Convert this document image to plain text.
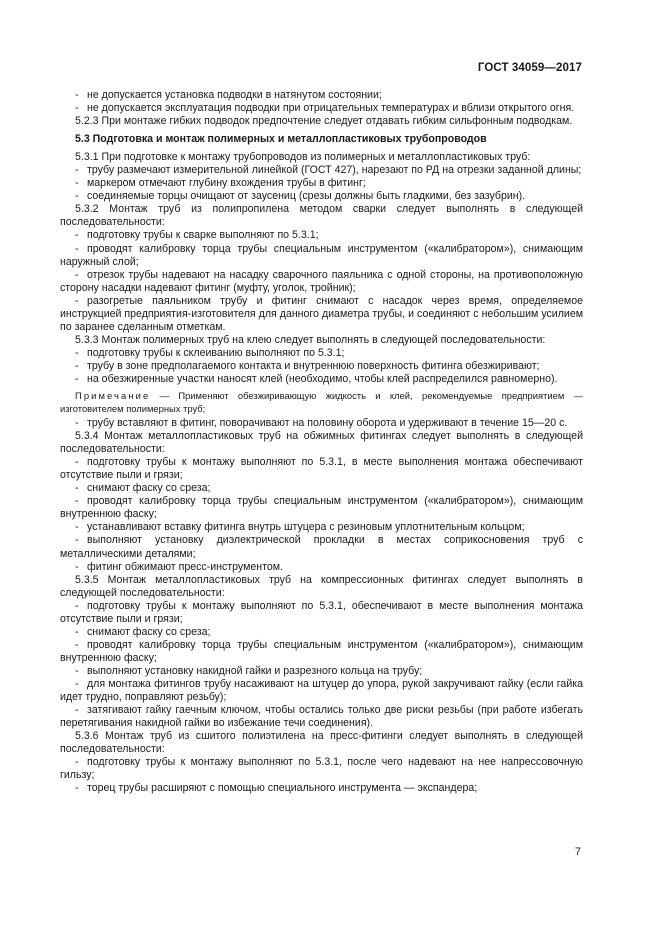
ГОСТ 34059—2017

- не допускается установка подводки в натянутом состоянии;

- не допускается эксплуатация подводки при отрицательных температурах и вблизи открытого огня.

5.2.3 При монтаже гибких подводок предпочтение следует отдавать гибким сильфонным подводкам.

5.3 Подготовка и монтаж полимерных и металлопластиковых трубопроводов

5.3.1 При подготовке к монтажу трубопроводов из полимерных и металлопластиковых труб:

- трубу размечают измерительной линейкой (ГОСТ 427), нарезают по РД на отрезки заданной длины;

- маркером отмечают глубину вхождения трубы в фитинг;

- соединяемые торцы очищают от заусениц (срезы должны быть гладкими, без зазубрин).

5.3.2 Монтаж труб из полипропилена методом сварки следует выполнять в следующей последовательности:

- подготовку трубы к сварке выполняют по 5.3.1;

- проводят калибровку торца трубы специальным инструментом («калибратором»), снимающим наружный слой;

- отрезок трубы надевают на насадку сварочного паяльника с одной стороны, на противоположную сторону насадки надевают фитинг (муфту, уголок, тройник);

- разогретые паяльником трубу и фитинг снимают с насадок через время, определяемое инструкцией предприятия-изготовителя для данного диаметра трубы, и соединяют с небольшим усилием по заранее сделанным отметкам.

5.3.3 Монтаж полимерных труб на клею следует выполнять в следующей последовательности:

- подготовку трубы к склеиванию выполняют по 5.3.1;

- трубу в зоне предполагаемого контакта и внутреннюю поверхность фитинга обезжиривают;

- на обезжиренные участки наносят клей (необходимо, чтобы клей распределился равномерно).

Примечание — Применяют обезжиривающую жидкость и клей, рекомендуемые предприятием — изготовителем полимерных труб;

- трубу вставляют в фитинг, поворачивают на половину оборота и удерживают в течение 15—20 с.

5.3.4 Монтаж металлопластиковых труб на обжимных фитингах следует выполнять в следующей последовательности:

- подготовку трубы к монтажу выполняют по 5.3.1, в месте выполнения монтажа обеспечивают отсутствие пыли и грязи;

- снимают фаску со среза;

- проводят калибровку торца трубы специальным инструментом («калибратором»), снимающим внутреннюю фаску;

- устанавливают вставку фитинга внутрь штуцера с резиновым уплотнительным кольцом;

- выполняют установку диэлектрической прокладки в местах соприкосновения труб с металлическими деталями;

- фитинг обжимают пресс-инструментом.

5.3.5 Монтаж металлопластиковых труб на компрессионных фитингах следует выполнять в следующей последовательности:

- подготовку трубы к монтажу выполняют по 5.3.1, обеспечивают в месте выполнения монтажа отсутствие пыли и грязи;

- снимают фаску со среза;

- проводят калибровку торца трубы специальным инструментом («калибратором»), снимающим внутреннюю фаску;

- выполняют установку накидной гайки и разрезного кольца на трубу;

- для монтажа фитингов трубу насаживают на штуцер до упора, рукой закручивают гайку (если гайка идет трудно, поправляют резьбу);

- затягивают гайку гаечным ключом, чтобы остались только две риски резьбы (при работе избегать перетягивания накидной гайки во избежание течи соединения).

5.3.6 Монтаж труб из сшитого полиэтилена на пресс-фитинги следует выполнять в следующей последовательности:

- подготовку трубы к монтажу выполняют по 5.3.1, после чего надевают на нее напрессовочную гильзу;

- торец трубы расширяют с помощью специального инструмента — экспандера;

7
